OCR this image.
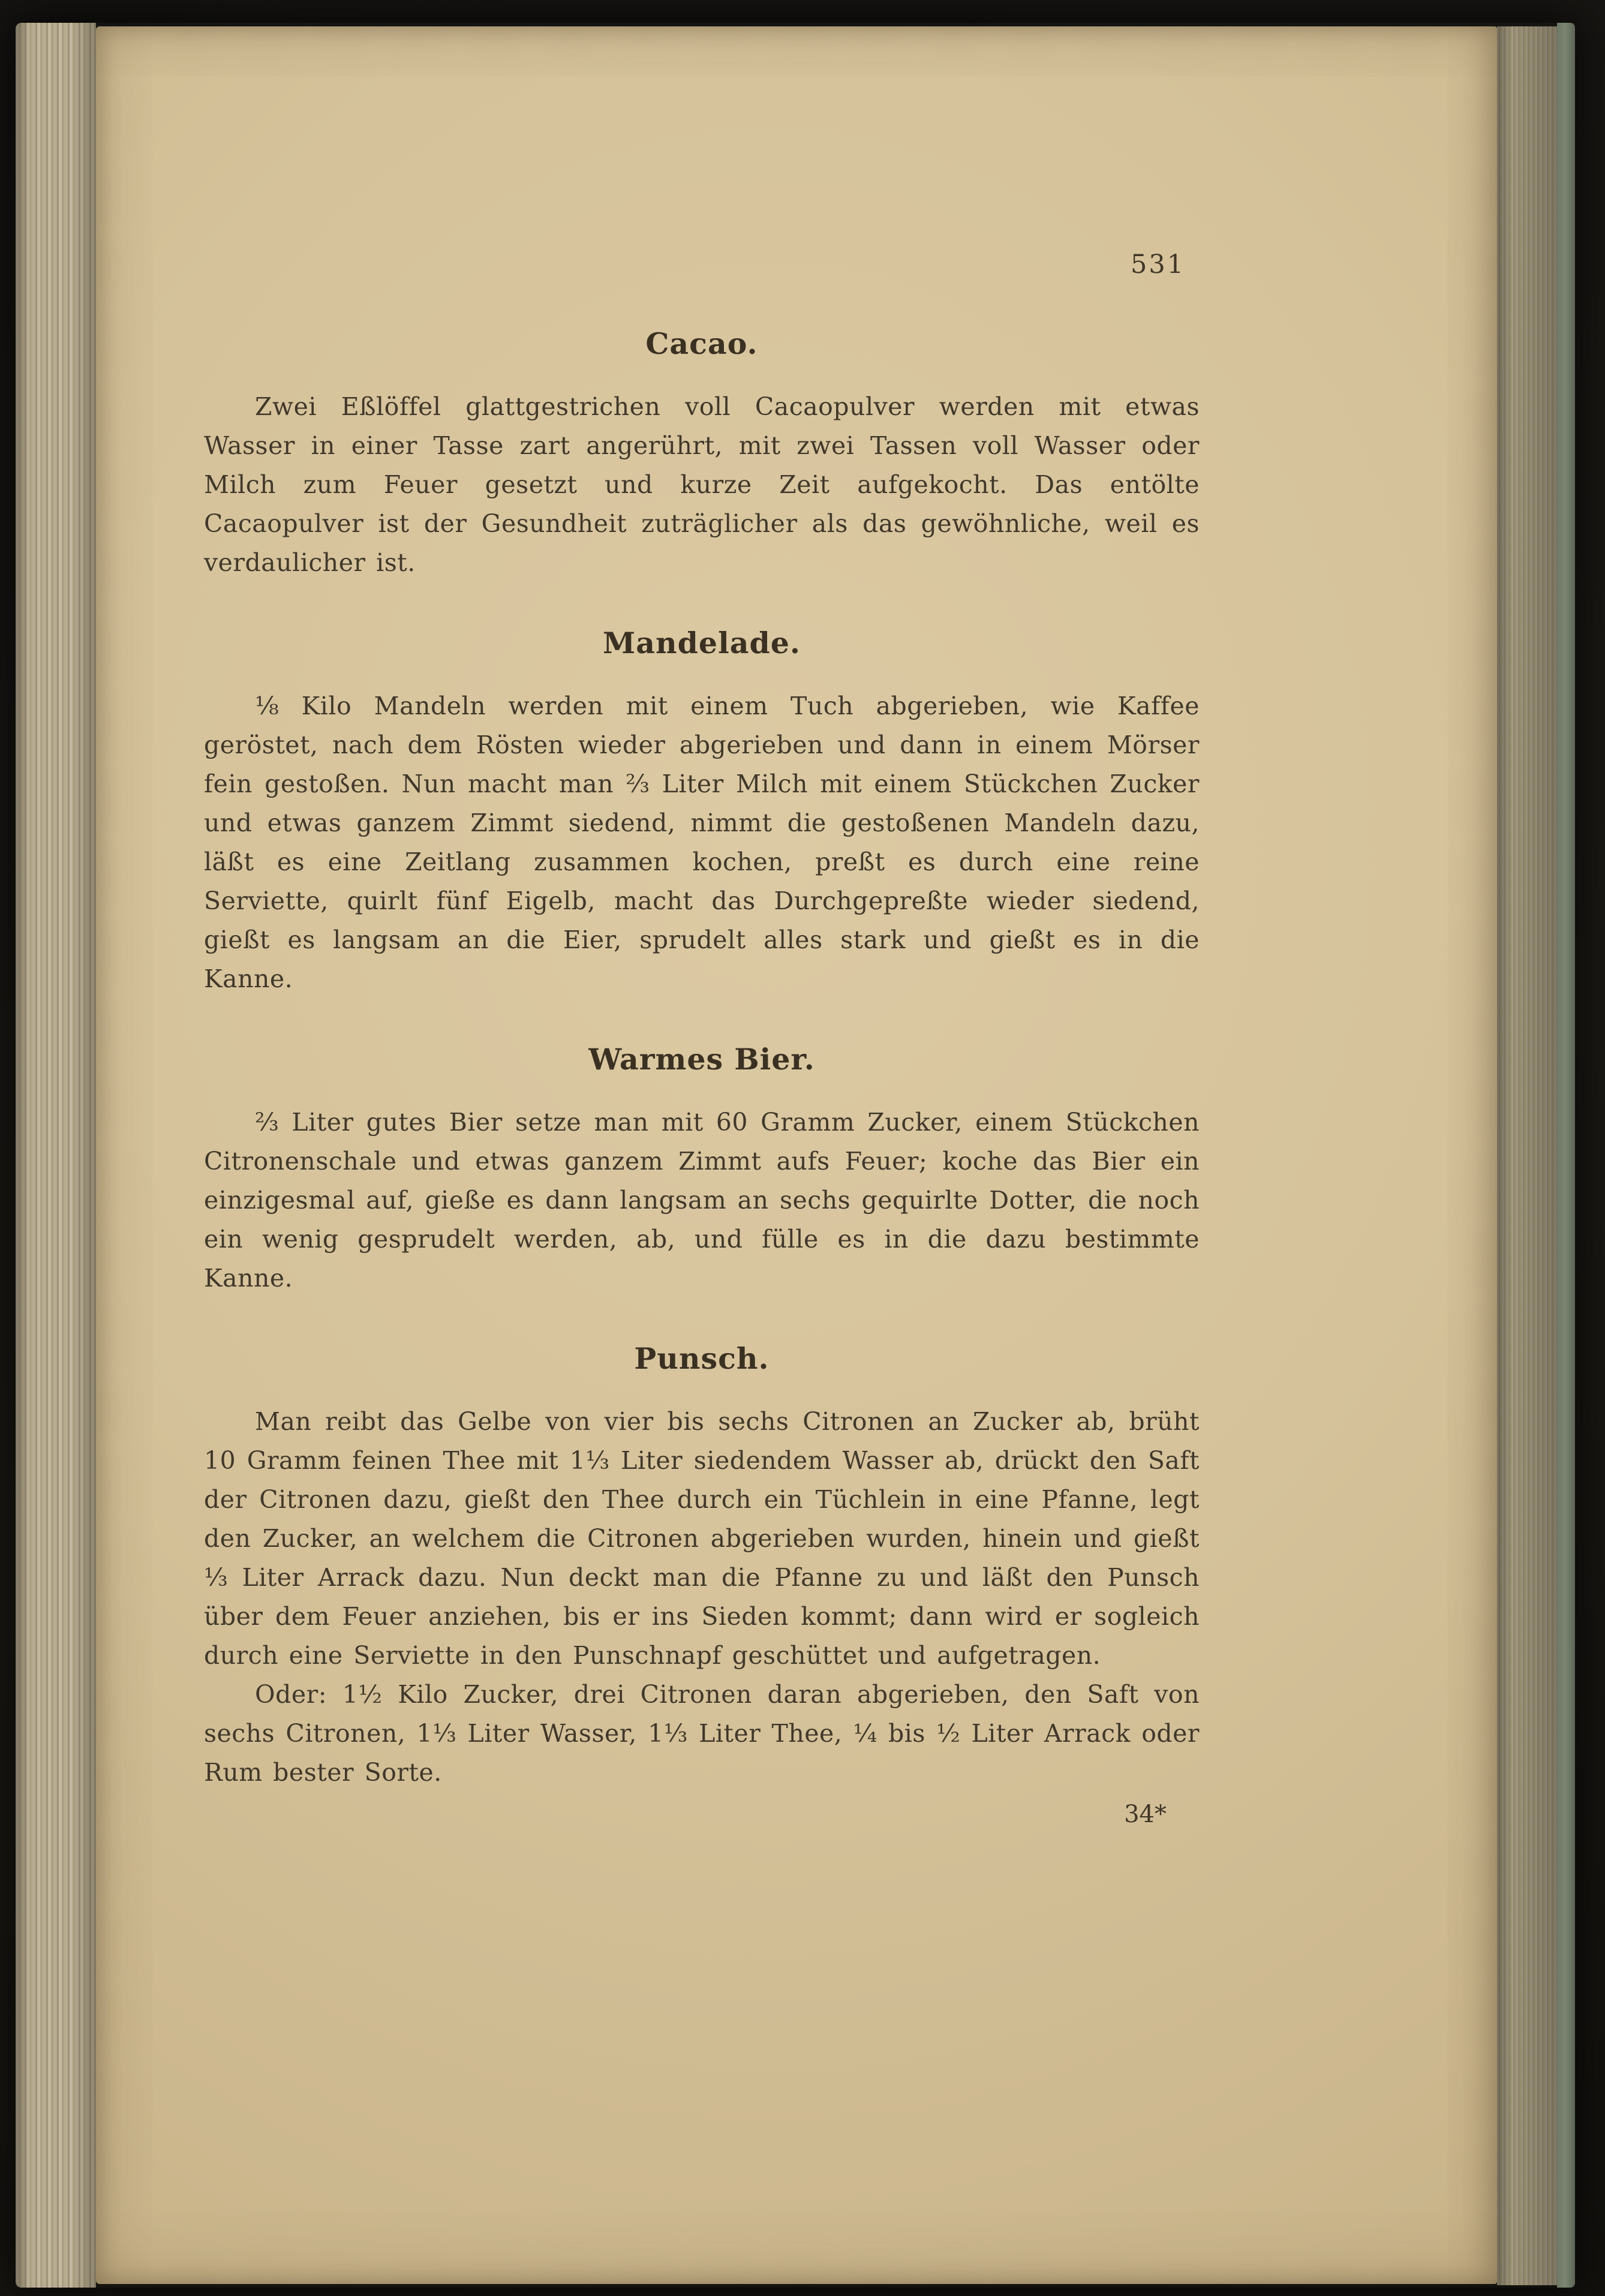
531
Cacao.

Zwei Eßlöffel glattgestrichen voll Cacaopulver werden mit etwas Wasser in einer Tasse zart angerührt, mit zwei Tassen voll Wasser oder Milch zum Feuer gesetzt und kurze Zeit aufgekocht. Das entölte Cacaopulver ist der Gesundheit zuträglicher als das gewöhnliche, weil es verdaulicher ist.

Mandelade.

⅛ Kilo Mandeln werden mit einem Tuch abgerieben, wie Kaffee geröstet, nach dem Rösten wieder abgerieben und dann in einem Mörser fein gestoßen. Nun macht man ⅔ Liter Milch mit einem Stückchen Zucker und etwas ganzem Zimmt siedend, nimmt die gestoßenen Mandeln dazu, läßt es eine Zeitlang zusammen kochen, preßt es durch eine reine Serviette, quirlt fünf Eigelb, macht das Durchgepreßte wieder siedend, gießt es langsam an die Eier, sprudelt alles stark und gießt es in die Kanne.

Warmes Bier.

⅔ Liter gutes Bier setze man mit 60 Gramm Zucker, einem Stückchen Citronenschale und etwas ganzem Zimmt aufs Feuer; koche das Bier ein einzigesmal auf, gieße es dann langsam an sechs gequirlte Dotter, die noch ein wenig gesprudelt werden, ab, und fülle es in die dazu bestimmte Kanne.

Punsch.

Man reibt das Gelbe von vier bis sechs Citronen an Zucker ab, brüht 10 Gramm feinen Thee mit 1⅓ Liter siedendem Wasser ab, drückt den Saft der Citronen dazu, gießt den Thee durch ein Tüchlein in eine Pfanne, legt den Zucker, an welchem die Citronen abgerieben wurden, hinein und gießt ⅓ Liter Arrack dazu. Nun deckt man die Pfanne zu und läßt den Punsch über dem Feuer anziehen, bis er ins Sieden kommt; dann wird er sogleich durch eine Serviette in den Punschnapf geschüttet und aufgetragen.

Oder: 1½ Kilo Zucker, drei Citronen daran abgerieben, den Saft von sechs Citronen, 1⅓ Liter Wasser, 1⅓ Liter Thee, ¼ bis ½ Liter Arrack oder Rum bester Sorte.

34*
